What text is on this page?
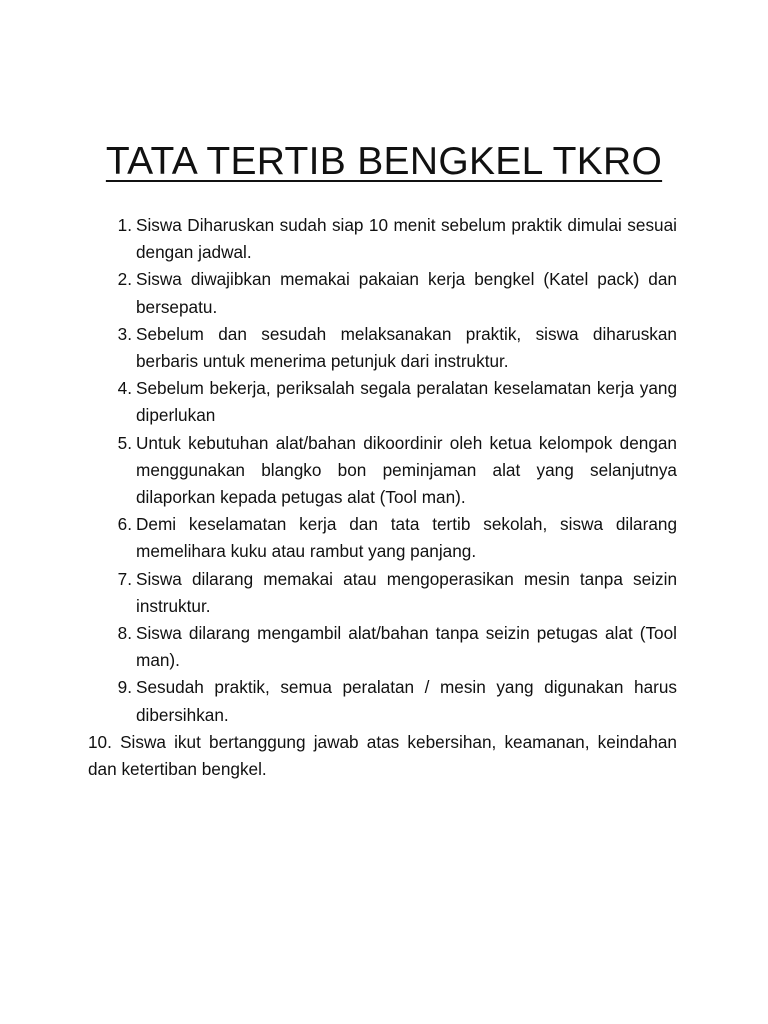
TATA TERTIB BENGKEL TKRO
1. Siswa Diharuskan sudah siap 10 menit sebelum praktik dimulai sesuai dengan jadwal.
2. Siswa diwajibkan memakai pakaian kerja bengkel (Katel pack) dan bersepatu.
3. Sebelum dan sesudah melaksanakan praktik, siswa diharuskan berbaris untuk menerima petunjuk dari instruktur.
4. Sebelum bekerja, periksalah segala peralatan keselamatan kerja yang diperlukan
5. Untuk kebutuhan alat/bahan dikoordinir oleh ketua kelompok dengan menggunakan blangko bon peminjaman alat yang selanjutnya dilaporkan kepada petugas alat (Tool man).
6. Demi keselamatan kerja dan tata tertib sekolah, siswa dilarang memelihara kuku atau rambut yang panjang.
7. Siswa dilarang memakai atau mengoperasikan mesin tanpa seizin instruktur.
8. Siswa dilarang mengambil alat/bahan tanpa seizin petugas alat (Tool man).
9. Sesudah praktik, semua peralatan / mesin yang digunakan harus dibersihkan.
10. Siswa ikut bertanggung jawab atas kebersihan, keamanan, keindahan dan ketertiban bengkel.
